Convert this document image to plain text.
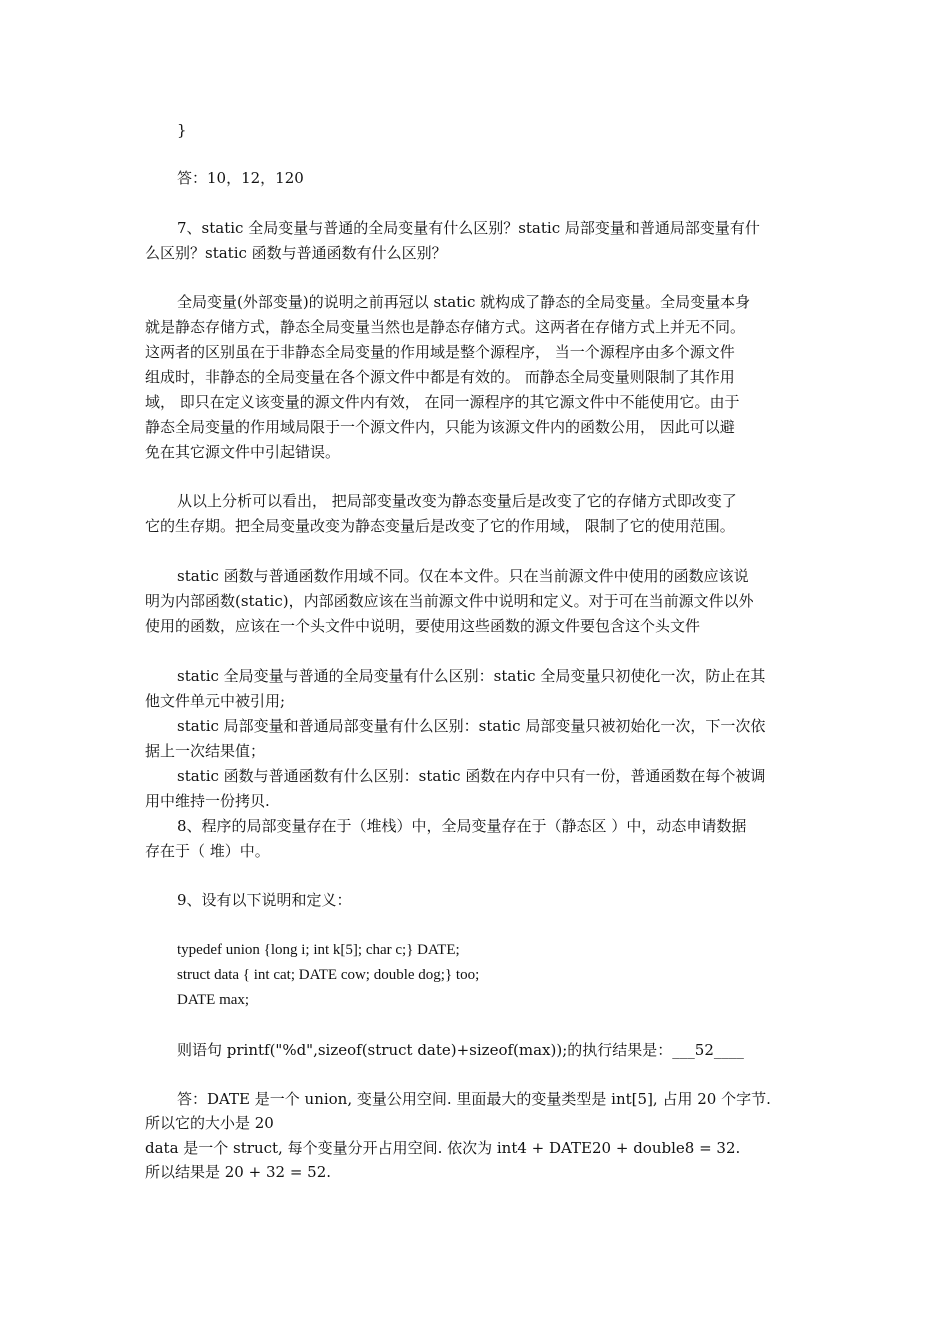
}
答：10，12，120
7、static 全局变量与普通的全局变量有什么区别？static 局部变量和普通局部变量有什
么区别？static 函数与普通函数有什么区别？
全局变量(外部变量)的说明之前再冠以 static 就构成了静态的全局变量。全局变量本身
就是静态存储方式，静态全局变量当然也是静态存储方式。这两者在存储方式上并无不同。
这两者的区别虽在于非静态全局变量的作用域是整个源程序， 当一个源程序由多个源文件
组成时，非静态的全局变量在各个源文件中都是有效的。 而静态全局变量则限制了其作用
域， 即只在定义该变量的源文件内有效， 在同一源程序的其它源文件中不能使用它。由于
静态全局变量的作用域局限于一个源文件内，只能为该源文件内的函数公用， 因此可以避
免在其它源文件中引起错误。
从以上分析可以看出， 把局部变量改变为静态变量后是改变了它的存储方式即改变了
它的生存期。把全局变量改变为静态变量后是改变了它的作用域， 限制了它的使用范围。
static 函数与普通函数作用域不同。仅在本文件。只在当前源文件中使用的函数应该说
明为内部函数(static)，内部函数应该在当前源文件中说明和定义。对于可在当前源文件以外
使用的函数，应该在一个头文件中说明，要使用这些函数的源文件要包含这个头文件
static 全局变量与普通的全局变量有什么区别：static 全局变量只初使化一次，防止在其
他文件单元中被引用;
static 局部变量和普通局部变量有什么区别：static 局部变量只被初始化一次，下一次依
据上一次结果值；
static 函数与普通函数有什么区别：static 函数在内存中只有一份，普通函数在每个被调
用中维持一份拷贝.
8、程序的局部变量存在于（堆栈）中，全局变量存在于（静态区 ）中，动态申请数据
存在于（ 堆）中。
9、设有以下说明和定义：
typedef union {long i; int k[5]; char c;} DATE;
struct data { int cat; DATE cow; double dog;} too;
DATE max;
则语句 printf("%d",sizeof(struct date)+sizeof(max));的执行结果是：___52____
答：DATE 是一个 union, 变量公用空间. 里面最大的变量类型是 int[5], 占用 20 个字节.
所以它的大小是 20
data 是一个 struct, 每个变量分开占用空间. 依次为 int4 + DATE20 + double8 = 32.
所以结果是 20 + 32 = 52.
